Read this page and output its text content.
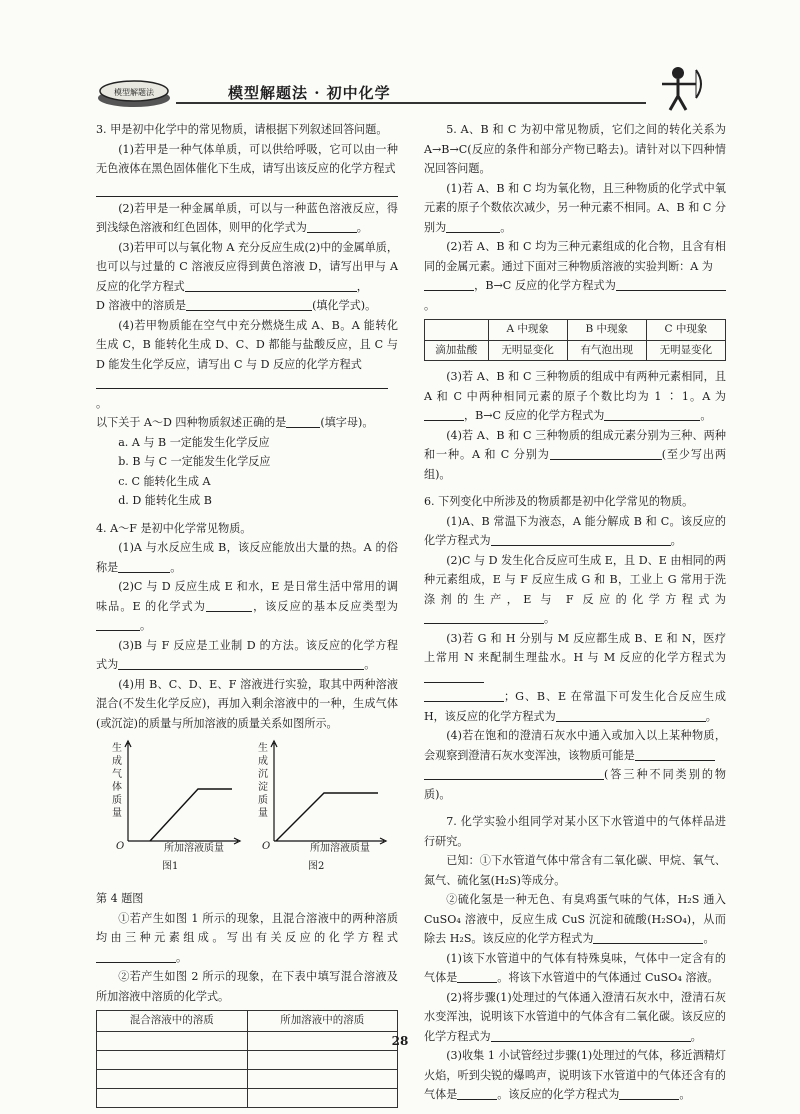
模型解题法	模型解题法 · 初中化学

3. 甲是初中化学中的常见物质，请根据下列叙述回答问题。

(1)若甲是一种气体单质，可以供给呼吸，它可以由一种无色液体在黑色固体催化下生成，请写出该反应的化学方程式

(2)若甲是一种金属单质，可以与一种蓝色溶液反应，得到浅绿色溶液和红色固体，则甲的化学式为	。

(3)若甲可以与氧化物 A 充分反应生成(2)中的金属单质，也可以与过量的 C 溶液反应得到黄色溶液 D，请写出甲与 A 反应的化学方程式	，

D 溶液中的溶质是	(填化学式)。

(4)若甲物质能在空气中充分燃烧生成 A、B。A 能转化生成 C，B 能转化生成 D、C、D 都能与盐酸反应，且 C 与 D 能发生化学反应，请写出 C 与 D 反应的化学方程式

。

以下关于 A～D 四种物质叙述正确的是	(填字母)。

a. A 与 B 一定能发生化学反应

b. B 与 C 一定能发生化学反应

c. C 能转化生成 A

d. D 能转化生成 B

4. A～F 是初中化学常见物质。

(1)A 与水反应生成 B，该反应能放出大量的热。A 的俗称是	。

(2)C 与 D 反应生成 E 和水，E 是日常生活中常用的调味品。E 的化学式为	，该反应的基本反应类型为。

(3)B 与 F 反应是工业制 D 的方法。该反应的化学方程式为	。

(4)用 B、C、D、E、F 溶液进行实验，取其中两种溶液混合(不发生化学反应)，再加入剩余溶液中的一种，生成气体(或沉淀)的质量与所加溶液的质量关系如图所示。

生
成
气
体
质
量
O	所加溶液质量
图1
生
成
沉
淀
质
量
O	所加溶液质量
图2

第 4 题图

①若产生如图 1 所示的现象，且混合溶液中的两种溶质均由三种元素组成。写出有关反应的化学方程式。

②若产生如图 2 所示的现象，在下表中填写混合溶液及所加溶液中溶质的化学式。

混合溶液中的溶质	所加溶液中的溶质

5. A、B 和 C 为初中常见物质，它们之间的转化关系为 A→B→C(反应的条件和部分产物已略去)。请针对以下四种情况回答问题。

(1)若 A、B 和 C 均为氧化物，且三种物质的化学式中氧元素的原子个数依次减少，另一种元素不相同。A、B 和 C 分别为	。

(2)若 A、B 和 C 均为三种元素组成的化合物，且含有相同的金属元素。通过下面对三种物质溶液的实验判断：A 为

，B→C 反应的化学方程式为。

	A 中现象	B 中现象	C 中现象
滴加盐酸	无明显变化	有气泡出现	无明显变化

(3)若 A、B 和 C 三种物质的组成中有两种元素相同，且 A 和 C 中两种相同元素的原子个数比均为 1 ∶ 1。A 为，B→C 反应的化学方程式为	。

(4)若 A、B 和 C 三种物质的组成元素分别为三种、两种和一种。A 和 C 分别为	(至少写出两组)。

6. 下列变化中所涉及的物质都是初中化学常见的物质。

(1)A、B 常温下为液态，A 能分解成 B 和 C。该反应的化学方程式为	。

(2)C 与 D 发生化合反应可生成 E，且 D、E 由相同的两种元素组成，E 与 F 反应生成 G 和 B，工业上 G 常用于洗涤剂的生产，E 与 F 反应的化学方程式为。

(3)若 G 和 H 分别与 M 反应都生成 B、E 和 N，医疗上常用 N 来配制生理盐水。H 与 M 反应的化学方程式为

；G、B、E 在常温下可发生化合反应生成 H，该反应的化学方程式为	。

(4)若在饱和的澄清石灰水中通入或加入以上某种物质，会观察到澄清石灰水变浑浊，该物质可能是

(答三种不同类别的物质)。

7. 化学实验小组同学对某小区下水管道中的气体样品进行研究。

已知：①下水管道气体中常含有二氧化碳、甲烷、氧气、氮气、硫化氢(H₂S)等成分。

②硫化氢是一种无色、有臭鸡蛋气味的气体，H₂S 通入 CuSO₄ 溶液中，反应生成 CuS 沉淀和硫酸(H₂SO₄)，从而除去 H₂S。该反应的化学方程式为	。

(1)该下水管道中的气体有特殊臭味，气体中一定含有的气体是	。将该下水管道中的气体通过 CuSO₄ 溶液。

(2)将步骤(1)处理过的气体通入澄清石灰水中，澄清石灰水变浑浊，说明该下水管道中的气体含有二氧化碳。该反应的化学方程式为	。

(3)收集 1 小试管经过步骤(1)处理过的气体，移近酒精灯火焰，听到尖锐的爆鸣声，说明该下水管道中的气体还含有的气体是	。该反应的化学方程式为	。

28
